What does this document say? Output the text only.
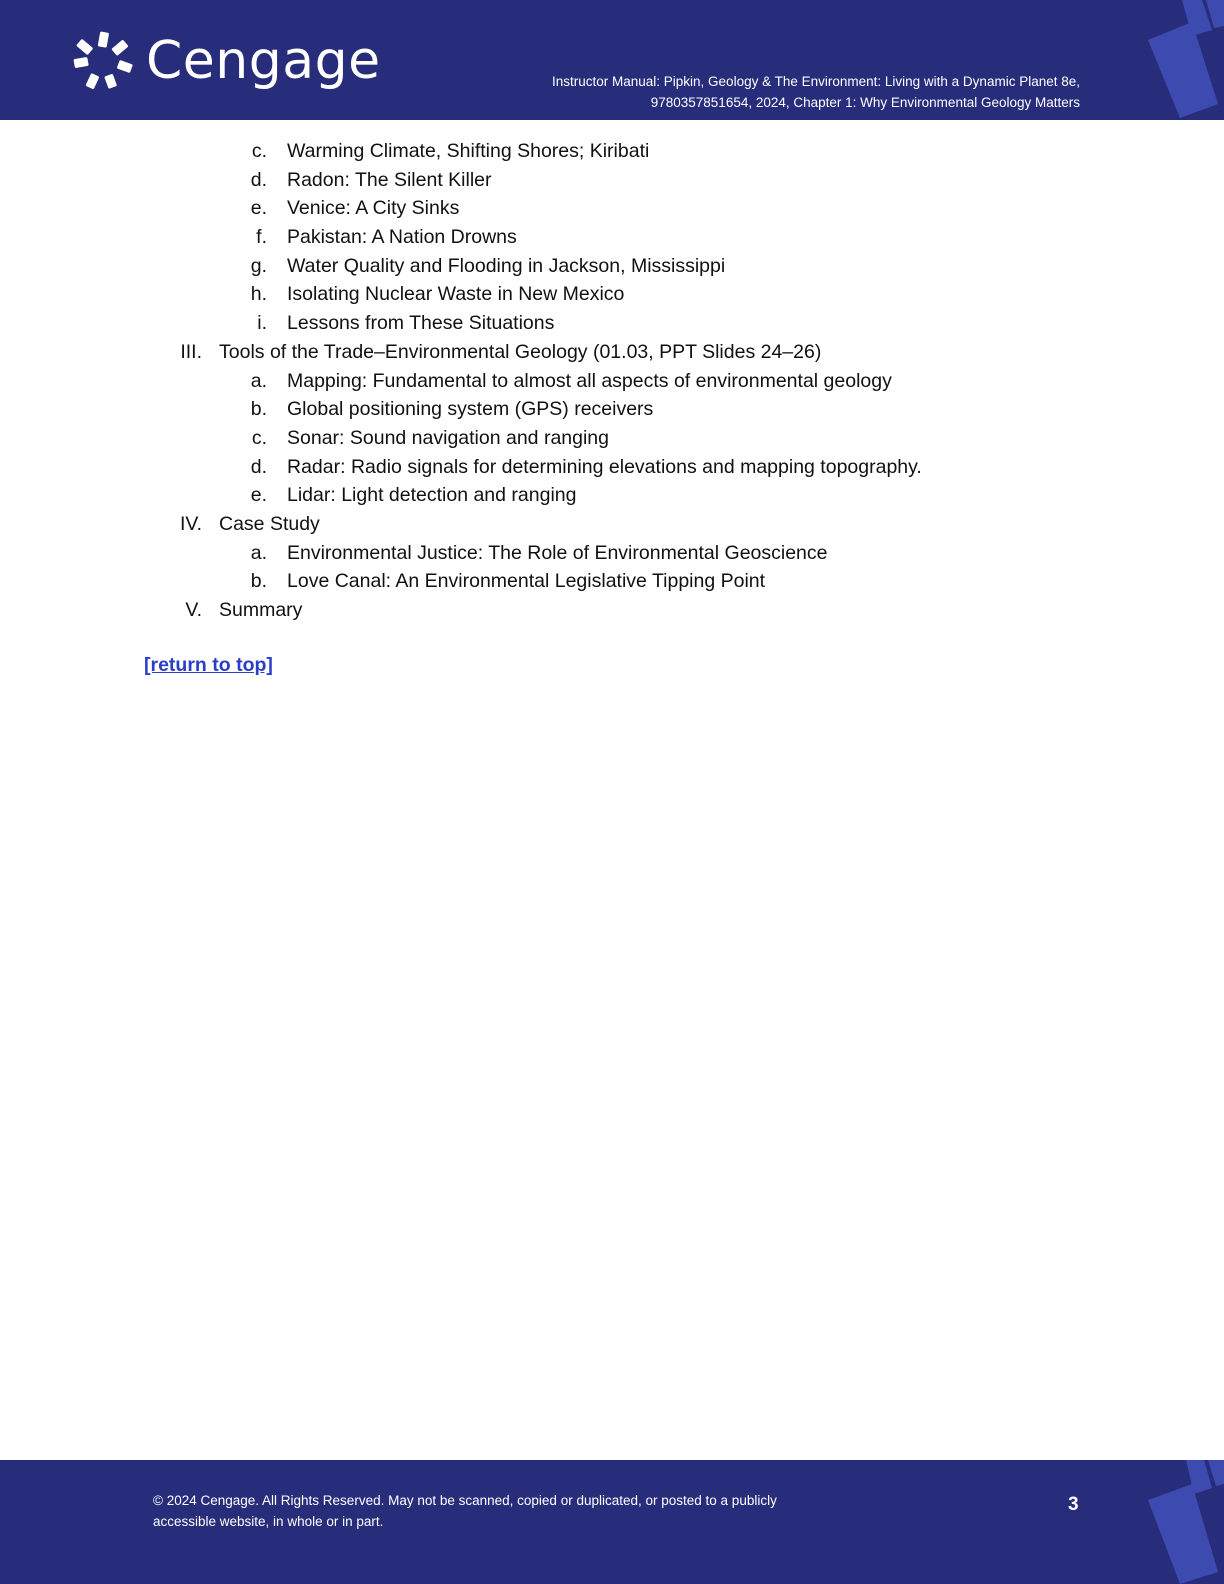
Cengage	Instructor Manual: Pipkin, Geology & The Environment: Living with a Dynamic Planet 8e,
9780357851654, 2024, Chapter 1: Why Environmental Geology Matters
c. Warming Climate, Shifting Shores; Kiribati
d. Radon: The Silent Killer
e. Venice: A City Sinks
f. Pakistan: A Nation Drowns
g. Water Quality and Flooding in Jackson, Mississippi
h. Isolating Nuclear Waste in New Mexico
i. Lessons from These Situations
III. Tools of the Trade–Environmental Geology (01.03, PPT Slides 24–26)
a. Mapping: Fundamental to almost all aspects of environmental geology
b. Global positioning system (GPS) receivers
c. Sonar: Sound navigation and ranging
d. Radar: Radio signals for determining elevations and mapping topography.
e. Lidar: Light detection and ranging
IV. Case Study
a. Environmental Justice: The Role of Environmental Geoscience
b. Love Canal: An Environmental Legislative Tipping Point
V. Summary
[return to top]
© 2024 Cengage. All Rights Reserved. May not be scanned, copied or duplicated, or posted to a publicly
accessible website, in whole or in part.
3
